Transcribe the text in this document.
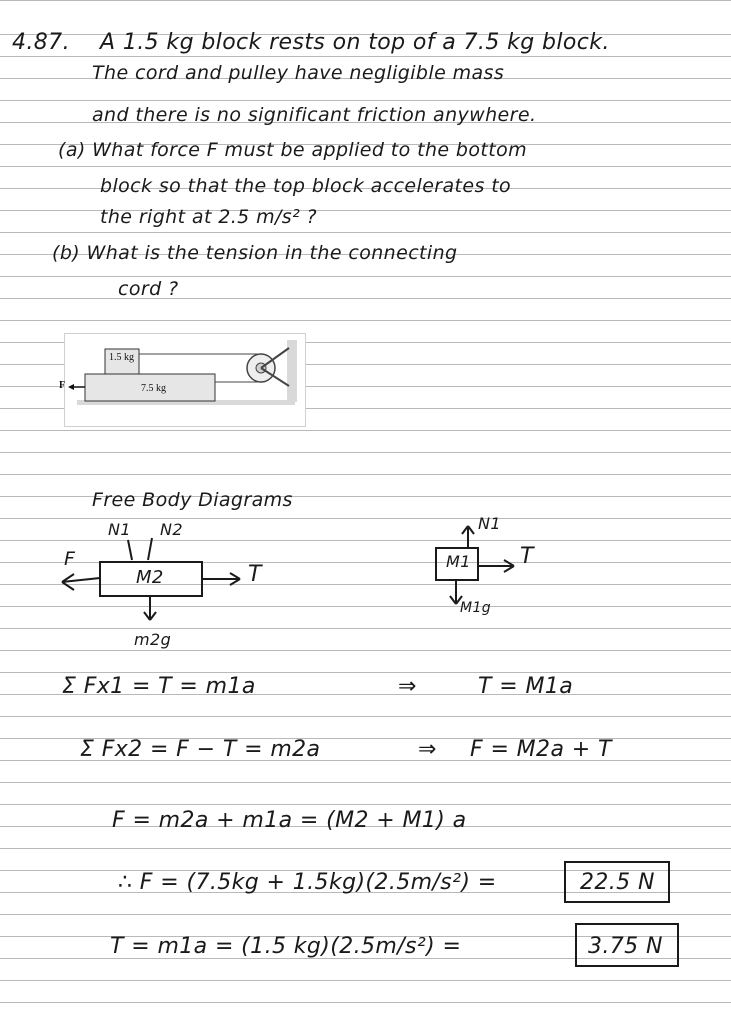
4.87. A 1.5 kg block rests on top of a 7.5 kg block.
The cord and pulley have negligible mass
and there is no significant friction anywhere.
(a) What force F must be applied to the bottom
block so that the top block accelerates to
the right at 2.5 m/s² ?
(b) What is the tension in the connecting
cord ?
1.5 kg
7.5 kg
F
Free Body Diagrams
N1 N2
F
M2	T
m2g
N1
M1 T
M1g
Σ Fx1 = T = m1a	⇒	T = M1a
Σ Fx2 = F − T = m2a	⇒ F = M2a + T
F = m2a + m1a = (M2 + M1) a
∴ F = (7.5kg + 1.5kg)(2.5m/s²) =	22.5 N
T = m1a = (1.5 kg)(2.5m/s²) =	3.75 N
